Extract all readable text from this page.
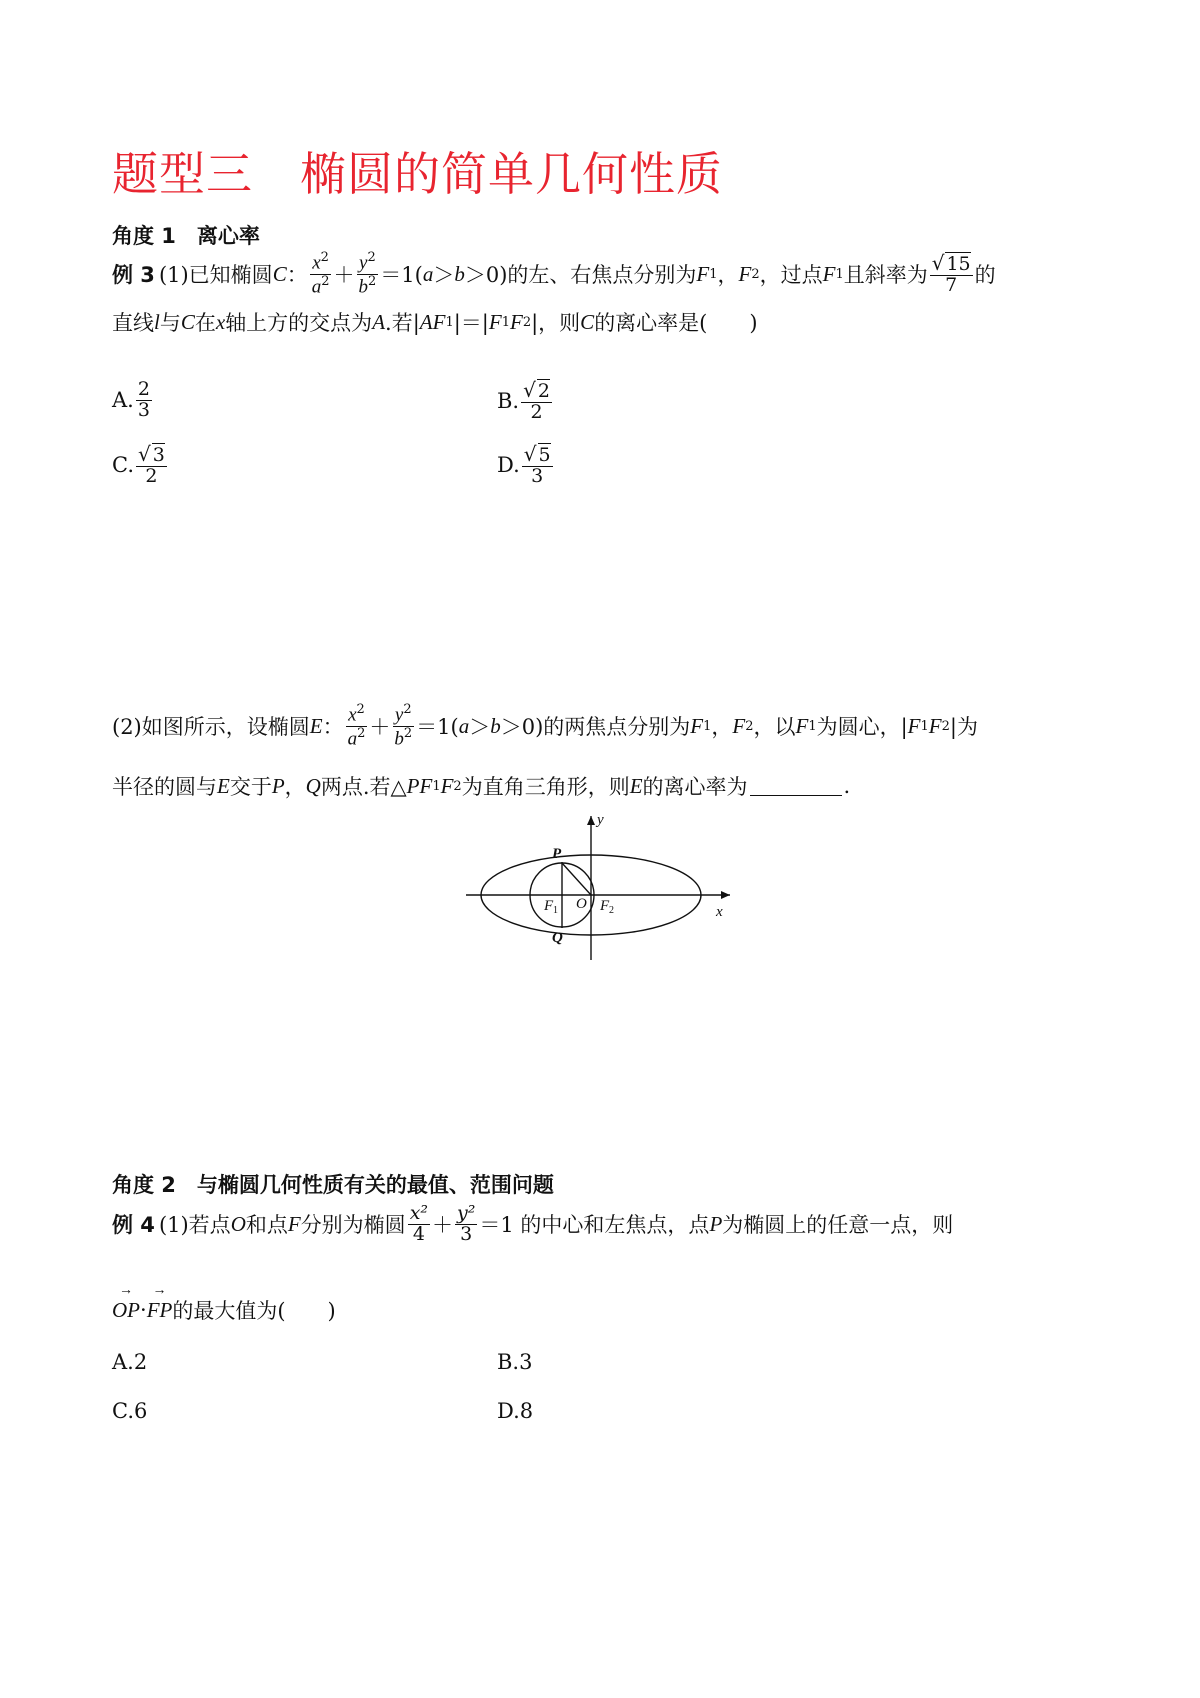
题型三　椭圆的简单几何性质
角度 1　离心率
例 3 (1)已知椭圆 C ： $\frac{x^2}{a^2} + \frac{y^2}{b^2} =1$( a ＞ b ＞0)的左、右焦点分别为 F 1 ， F 2 ，过点 F 1 且斜率为 $\frac{√ 15}{7}$ 的
直线 l 与 C 在 x 轴上方的交点为 A .若| A F 1 |＝| F 1 F 2 |，则 C 的离心率是(　　)
A. $\frac{2}{3}$	B. $\frac{√ 2}{2}$
C. $\frac{√ 3}{2}$	D. $\frac{√ 5}{3}$
(2)如图所示，设椭圆 E ： $\frac{x^2}{a^2} + \frac{y^2}{b^2} =1$( a ＞ b ＞0)的两焦点分别为 F 1 ， F 2 ，以 F 1 为圆心，| F 1 F 2 |为
半径的圆与 E 交于 P ， Q 两点.若△ P F 1 F 2 为直角三角形，则 E 的离心率为	.
P
Q
O
F 1	F 2	x
y
角度 2　与椭圆几何性质有关的最值、范围问题
例 4 (1)若点 O 和点 F 分别为椭圆 $\frac{\text{x²}}{4} + \frac{\text{y²}}{3} =1$ 的中心和左焦点，点 P 为椭圆上的任意一点，则
→ OP ·
→ FP 的最大值为(　　)
A. 2	B. 3
C. 6	D. 8
